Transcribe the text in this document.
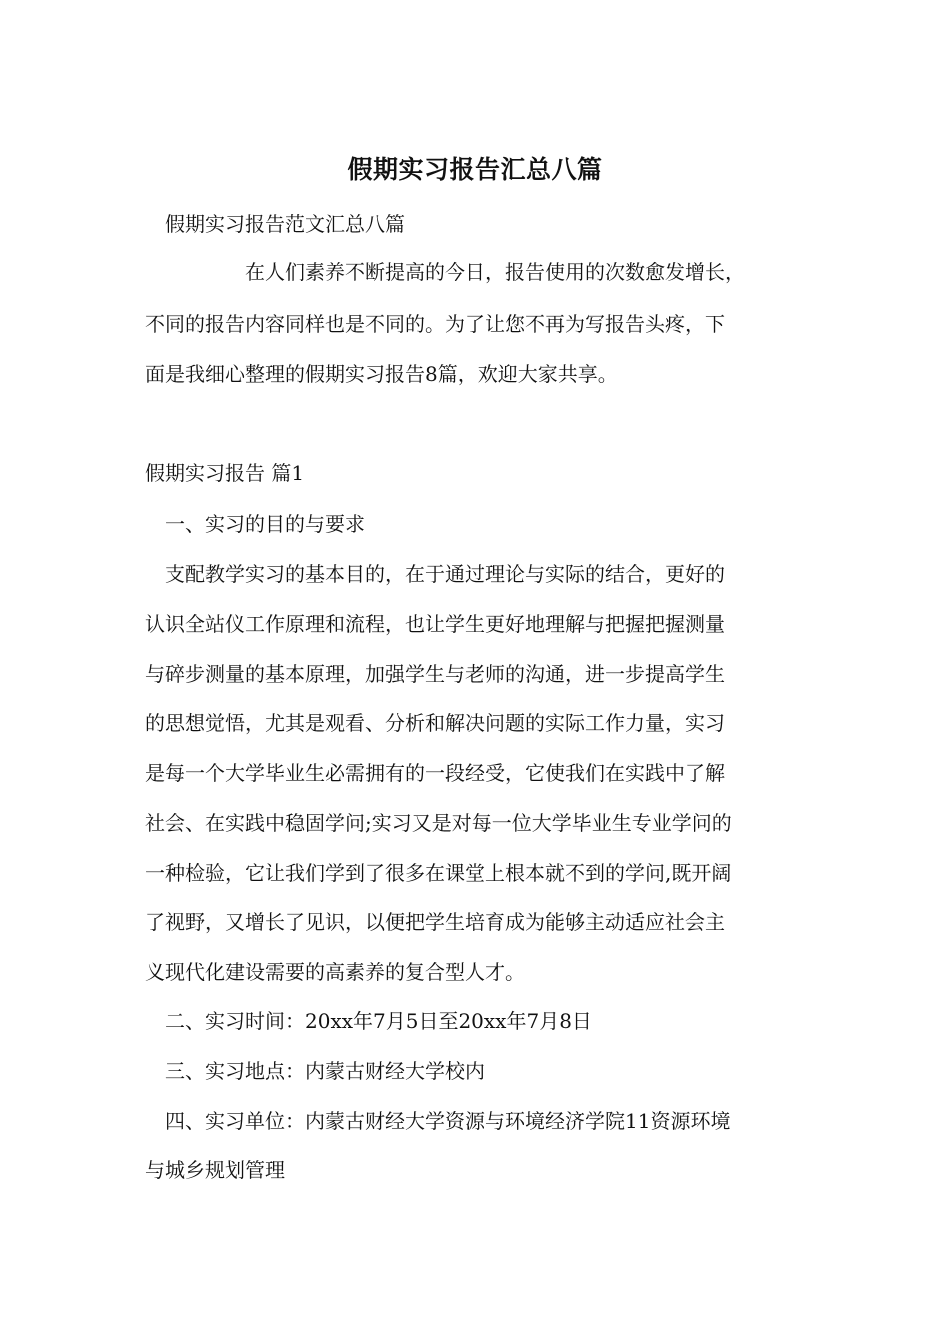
假期实习报告汇总八篇
假期实习报告范文汇总八篇
在人们素养不断提高的今日，报告使用的次数愈发增长，
不同的报告内容同样也是不同的。为了让您不再为写报告头疼，下
面是我细心整理的假期实习报告8篇，欢迎大家共享。
假期实习报告 篇1
一、实习的目的与要求
支配教学实习的基本目的，在于通过理论与实际的结合，更好的
认识全站仪工作原理和流程，也让学生更好地理解与把握把握测量
与碎步测量的基本原理，加强学生与老师的沟通，进一步提高学生
的思想觉悟，尤其是观看、分析和解决问题的实际工作力量，实习
是每一个大学毕业生必需拥有的一段经受，它使我们在实践中了解
社会、在实践中稳固学问;实习又是对每一位大学毕业生专业学问的
一种检验，它让我们学到了很多在课堂上根本就不到的学问,既开阔
了视野，又增长了见识，以便把学生培育成为能够主动适应社会主
义现代化建设需要的高素养的复合型人才。
二、实习时间：20xx年7月5日至20xx年7月8日
三、实习地点：内蒙古财经大学校内
四、实习单位：内蒙古财经大学资源与环境经济学院11资源环境
与城乡规划管理
